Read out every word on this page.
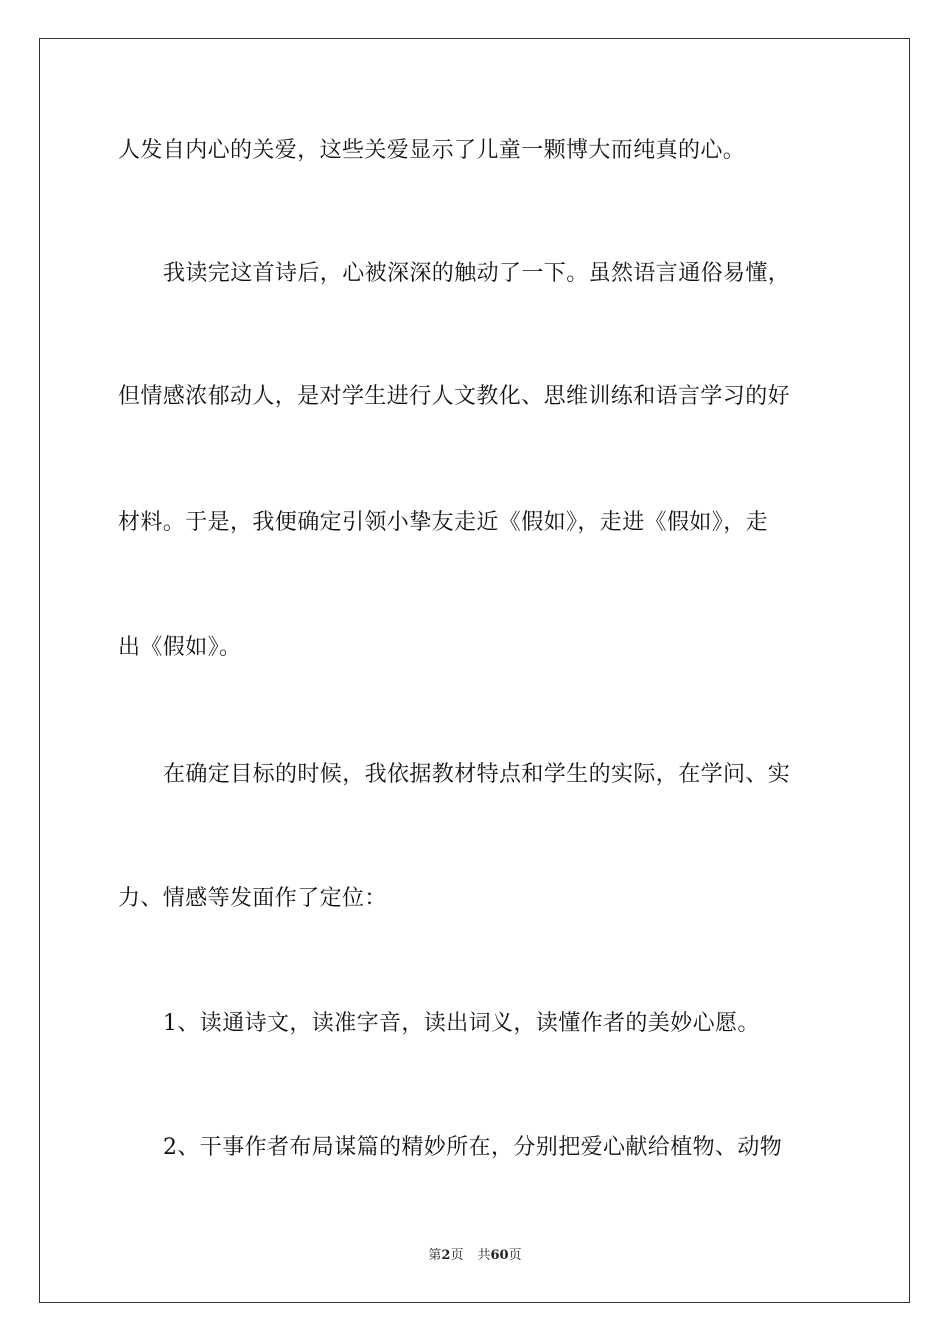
人发自内心的关爱，这些关爱显示了儿童一颗博大而纯真的心。
我读完这首诗后，心被深深的触动了一下。虽然语言通俗易懂，
但情感浓郁动人，是对学生进行人文教化、思维训练和语言学习的好
材料。于是，我便确定引领小挚友走近《假如》，走进《假如》，走
出《假如》。
在确定目标的时候，我依据教材特点和学生的实际，在学问、实
力、情感等发面作了定位：
1、读通诗文，读准字音，读出词义，读懂作者的美妙心愿。
2、干事作者布局谋篇的精妙所在，分别把爱心献给植物、动物
第2页 共60页
